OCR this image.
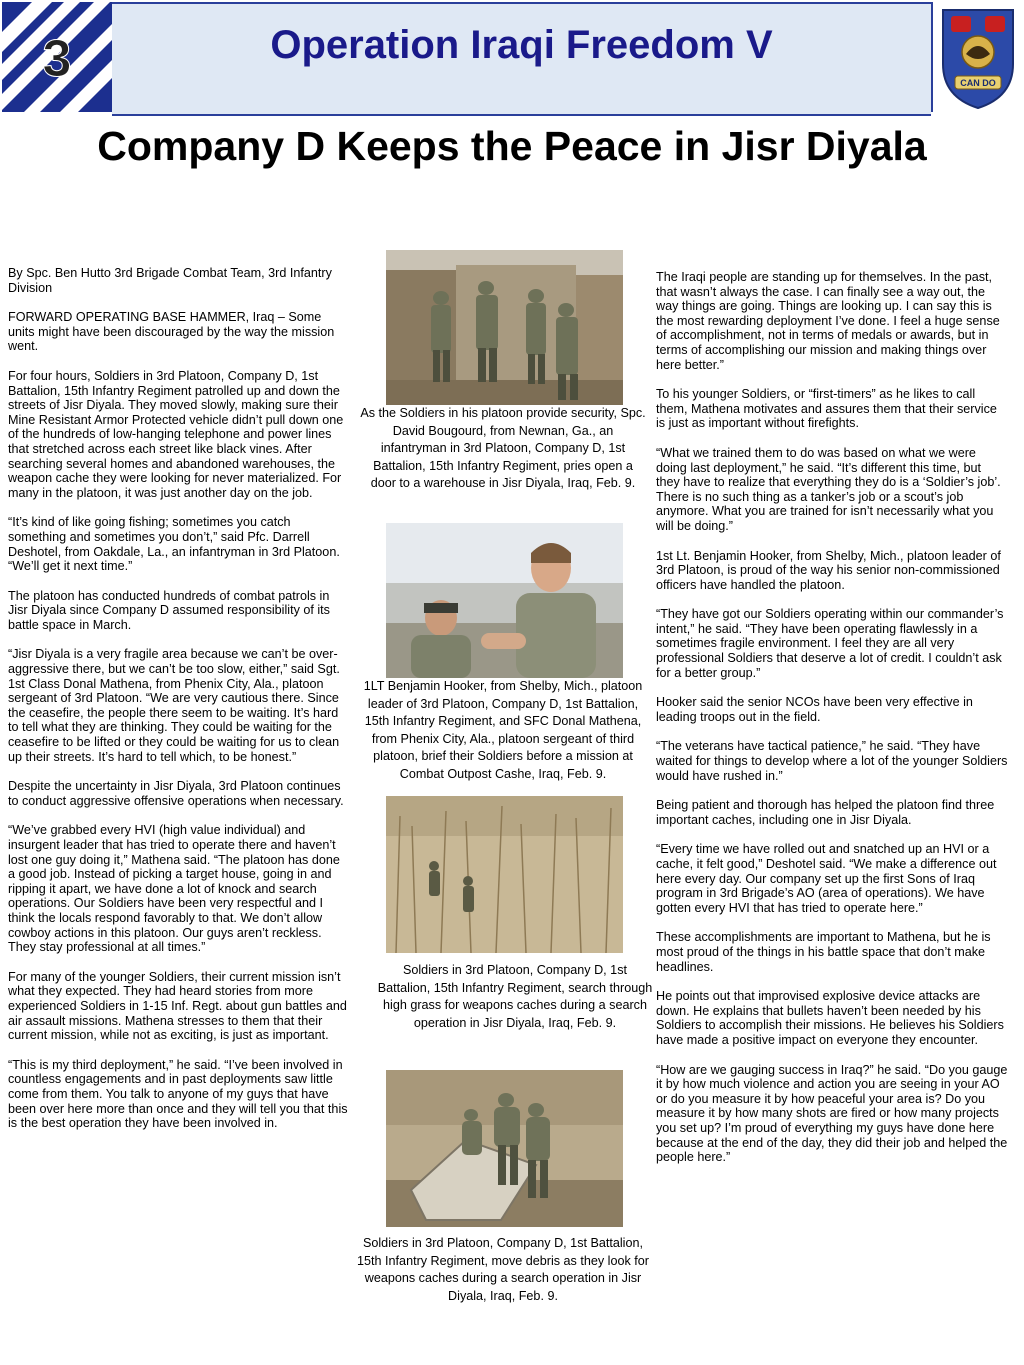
3	Operation Iraqi Freedom V
CAN DO
Company D Keeps the Peace in Jisr Diyala

By Spc. Ben Hutto 3rd Brigade Combat Team, 3rd Infantry Division

FORWARD OPERATING BASE HAMMER, Iraq – Some units might have been discouraged by the way the mission went.

For four hours, Soldiers in 3rd Platoon, Company D, 1st Battalion, 15th Infantry Regiment patrolled up and down the streets of Jisr Diyala. They moved slowly, making sure their Mine Resistant Armor Protected vehicle didn’t pull down one of the hundreds of low-hanging telephone and power lines that stretched across each street like black vines. After searching several homes and abandoned warehouses, the weapon cache they were looking for never materialized. For many in the platoon, it was just another day on the job.

“It’s kind of like going fishing; sometimes you catch something and sometimes you don’t,” said Pfc. Darrell Deshotel, from Oakdale, La., an infantryman in 3rd Platoon. “We’ll get it next time.”

The platoon has conducted hundreds of combat patrols in Jisr Diyala since Company D assumed responsibility of its battle space in March.

“Jisr Diyala is a very fragile area because we can’t be over-aggressive there, but we can’t be too slow, either,” said Sgt. 1st Class Donal Mathena, from Phenix City, Ala., platoon sergeant of 3rd Platoon. “We are very cautious there. Since the ceasefire, the people there seem to be waiting. It’s hard to tell what they are thinking. They could be waiting for the ceasefire to be lifted or they could be waiting for us to clean up their streets. It’s hard to tell which, to be honest.”

Despite the uncertainty in Jisr Diyala, 3rd Platoon continues to conduct aggressive offensive operations when necessary.

“We’ve grabbed every HVI (high value individual) and insurgent leader that has tried to operate there and haven’t lost one guy doing it,” Mathena said. “The platoon has done a good job. Instead of picking a target house, going in and ripping it apart, we have done a lot of knock and search operations. Our Soldiers have been very respectful and I think the locals respond favorably to that. We don’t allow cowboy actions in this platoon. Our guys aren’t reckless. They stay professional at all times.”

For many of the younger Soldiers, their current mission isn’t what they expected. They had heard stories from more experienced Soldiers in 1-15 Inf. Regt. about gun battles and air assault missions. Mathena stresses to them that their current mission, while not as exciting, is just as important.

“This is my third deployment,” he said. “I’ve been involved in countless engagements and in past deployments saw little come from them. You talk to anyone of my guys that have been over here more than once and they will tell you that this is the best operation they have been involved in.

As the Soldiers in his platoon provide security, Spc. David Bougourd, from Newnan, Ga., an infantryman in 3rd Platoon, Company D, 1st Battalion, 15th Infantry Regiment, pries open a door to a warehouse in Jisr Diyala, Iraq, Feb. 9.
1LT Benjamin Hooker, from Shelby, Mich., platoon leader of 3rd Platoon, Company D, 1st Battalion, 15th Infantry Regiment, and SFC Donal Mathena, from Phenix City, Ala., platoon sergeant of third platoon, brief their Soldiers before a mission at Combat Outpost Cashe, Iraq, Feb. 9.
Soldiers in 3rd Platoon, Company D, 1st Battalion, 15th Infantry Regiment, search through high grass for weapons caches during a search operation in Jisr Diyala, Iraq, Feb. 9.
Soldiers in 3rd Platoon, Company D, 1st Battalion, 15th Infantry Regiment, move debris as they look for weapons caches during a search operation in Jisr Diyala, Iraq, Feb. 9.

The Iraqi people are standing up for themselves. In the past, that wasn’t always the case. I can finally see a way out, the way things are going. Things are looking up. I can say this is the most rewarding deployment I’ve done. I feel a huge sense of accomplishment, not in terms of medals or awards, but in terms of accomplishing our mission and making things over here better.”

To his younger Soldiers, or “first-timers” as he likes to call them, Mathena motivates and assures them that their service is just as important without firefights.

“What we trained them to do was based on what we were doing last deployment,” he said. “It’s different this time, but they have to realize that everything they do is a ‘Soldier’s job’. There is no such thing as a tanker’s job or a scout’s job anymore. What you are trained for isn’t necessarily what you will be doing.”

1st Lt. Benjamin Hooker, from Shelby, Mich., platoon leader of 3rd Platoon, is proud of the way his senior non-commissioned officers have handled the platoon.

“They have got our Soldiers operating within our commander’s intent,” he said. “They have been operating flawlessly in a sometimes fragile environment. I feel they are all very professional Soldiers that deserve a lot of credit. I couldn’t ask for a better group.”

Hooker said the senior NCOs have been very effective in leading troops out in the field.

“The veterans have tactical patience,” he said. “They have waited for things to develop where a lot of the younger Soldiers would have rushed in.”

Being patient and thorough has helped the platoon find three important caches, including one in Jisr Diyala.

“Every time we have rolled out and snatched up an HVI or a cache, it felt good,” Deshotel said. “We make a difference out here every day. Our company set up the first Sons of Iraq program in 3rd Brigade’s AO (area of operations). We have gotten every HVI that has tried to operate here.”

These accomplishments are important to Mathena, but he is most proud of the things in his battle space that don’t make headlines.

He points out that improvised explosive device attacks are down. He explains that bullets haven’t been needed by his Soldiers to accomplish their missions. He believes his Soldiers have made a positive impact on everyone they encounter.

“How are we gauging success in Iraq?” he said. “Do you gauge it by how much violence and action you are seeing in your AO or do you measure it by how peaceful your area is? Do you measure it by how many shots are fired or how many projects you set up? I’m proud of everything my guys have done here because at the end of the day, they did their job and helped the people here.”
